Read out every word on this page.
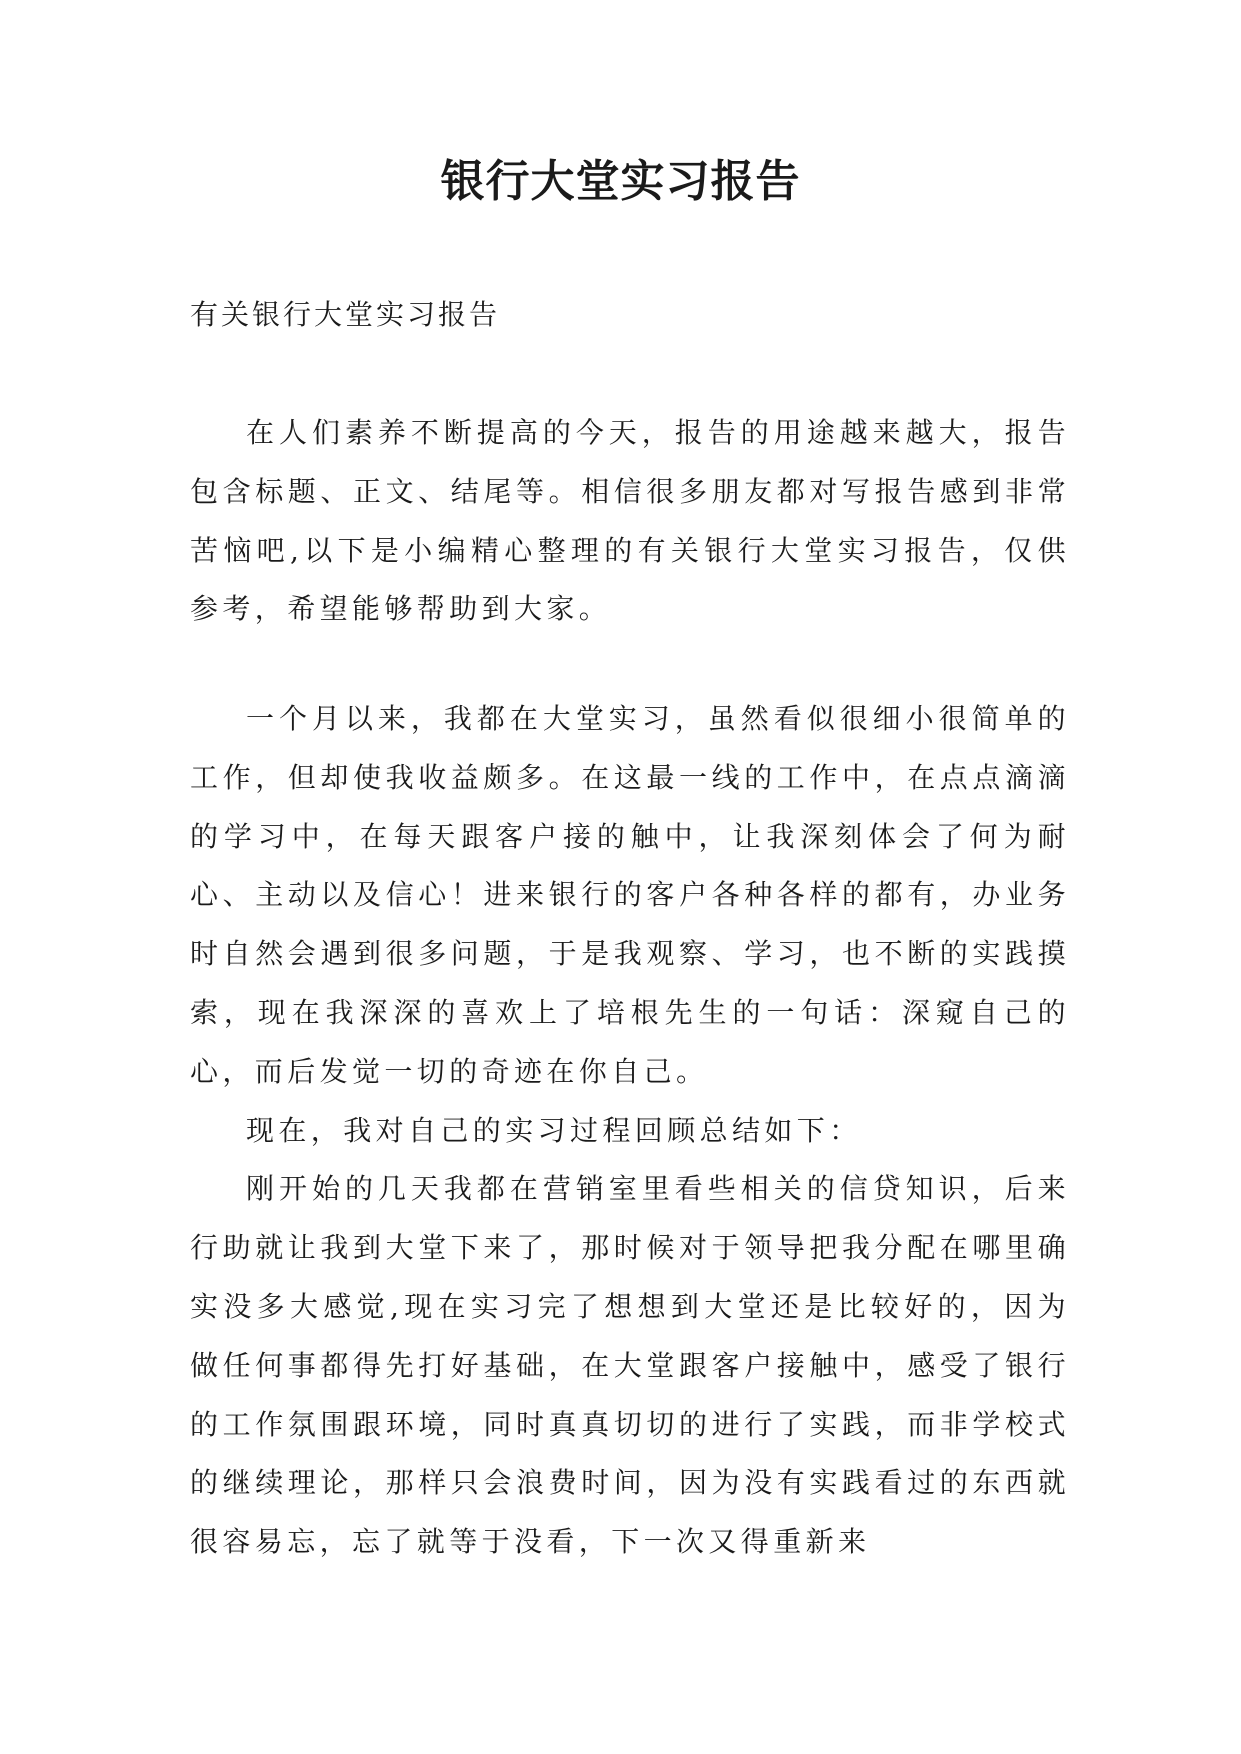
银行大堂实习报告
有关银行大堂实习报告

在人们素养不断提高的今天，报告的用途越来越大，报告包含标题、正文、结尾等。相信很多朋友都对写报告感到非常苦恼吧,以下是小编精心整理的有关银行大堂实习报告，仅供参考，希望能够帮助到大家。

一个月以来，我都在大堂实习，虽然看似很细小很简单的工作，但却使我收益颇多。在这最一线的工作中，在点点滴滴的学习中，在每天跟客户接的触中，让我深刻体会了何为耐心、主动以及信心！进来银行的客户各种各样的都有，办业务时自然会遇到很多问题，于是我观察、学习，也不断的实践摸索，现在我深深的喜欢上了培根先生的一句话：深窥自己的心，而后发觉一切的奇迹在你自己。

现在，我对自己的实习过程回顾总结如下：

刚开始的几天我都在营销室里看些相关的信贷知识，后来行助就让我到大堂下来了，那时候对于领导把我分配在哪里确实没多大感觉,现在实习完了想想到大堂还是比较好的，因为做任何事都得先打好基础，在大堂跟客户接触中，感受了银行的工作氛围跟环境，同时真真切切的进行了实践，而非学校式的继续理论，那样只会浪费时间，因为没有实践看过的东西就很容易忘，忘了就等于没看，下一次又得重新来
